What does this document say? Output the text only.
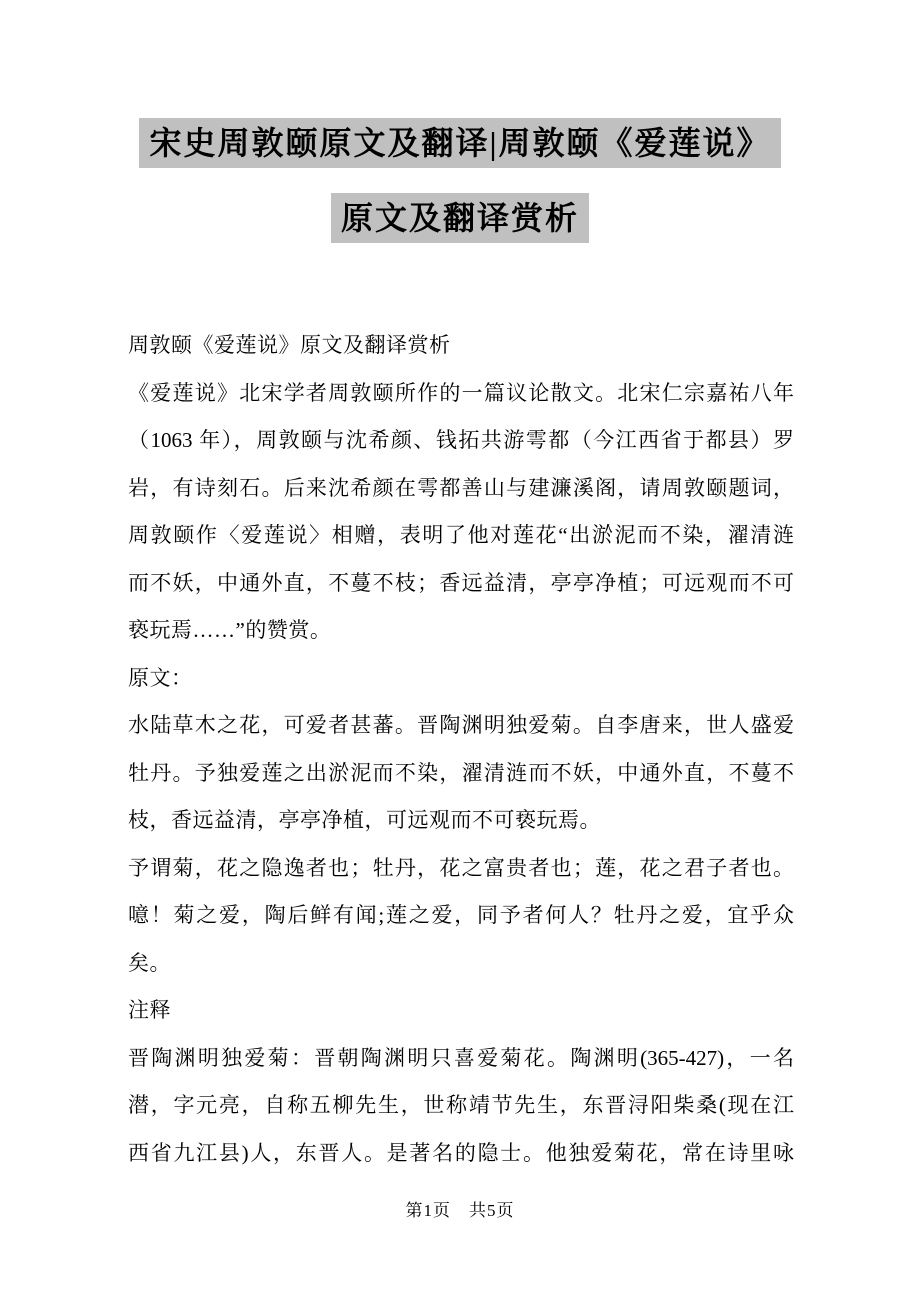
宋史周敦颐原文及翻译|周敦颐《爱莲说》
原文及翻译赏析
周敦颐《爱莲说》原文及翻译赏析
《爱莲说》北宋学者周敦颐所作的一篇议论散文。北宋仁宗嘉祐八年
（1063 年），周敦颐与沈希颜、钱拓共游雩都（今江西省于都县）罗
岩，有诗刻石。后来沈希颜在雩都善山与建濂溪阁，请周敦颐题词，
周敦颐作〈爱莲说〉相赠，表明了他对莲花“出淤泥而不染，濯清涟
而不妖，中通外直，不蔓不枝；香远益清，亭亭净植；可远观而不可
亵玩焉……”的赞赏。
原文：
水陆草木之花，可爱者甚蕃。晋陶渊明独爱菊。自李唐来，世人盛爱
牡丹。予独爱莲之出淤泥而不染，濯清涟而不妖，中通外直，不蔓不
枝，香远益清，亭亭净植，可远观而不可亵玩焉。
予谓菊，花之隐逸者也；牡丹，花之富贵者也；莲，花之君子者也。
噫！菊之爱，陶后鲜有闻;莲之爱，同予者何人？牡丹之爱，宜乎众
矣。
注释
晋陶渊明独爱菊：晋朝陶渊明只喜爱菊花。陶渊明(365-427)，一名
潜，字元亮，自称五柳先生，世称靖节先生，东晋浔阳柴桑(现在江
西省九江县)人，东晋人。是著名的隐士。他独爱菊花，常在诗里咏
第1页　共5页
